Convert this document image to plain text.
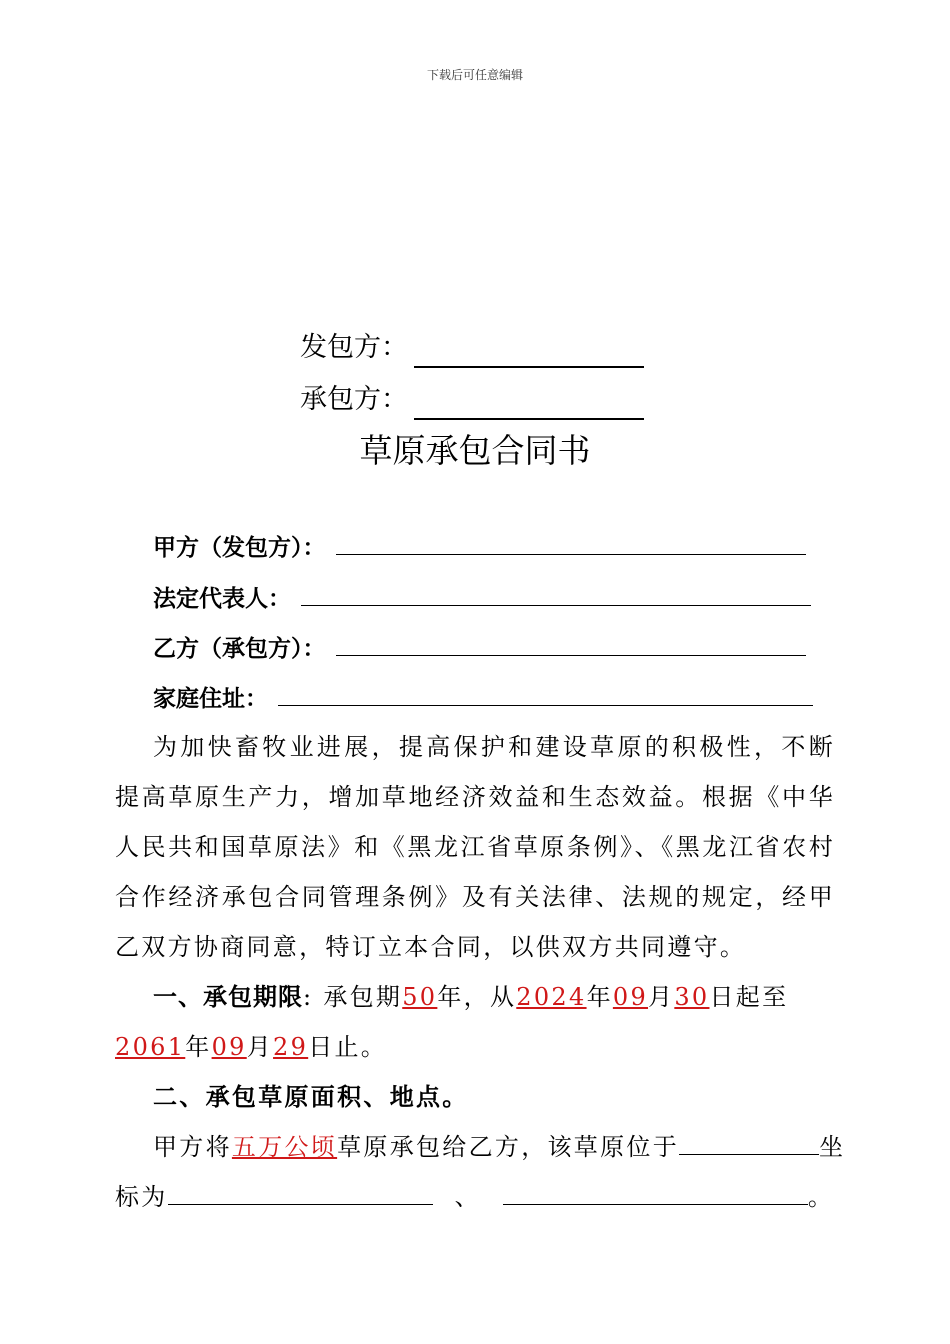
下载后可任意编辑
发包方：
承包方：
草原承包合同书
甲方（发包方）：
法定代表人：
乙方（承包方）：
家庭住址：
为加快畜牧业进展，提高保护和建设草原的积极性，不断提高草原生产力，增加草地经济效益和生态效益。根据《中华人民共和国草原法》和《黑龙江省草原条例》、《黑龙江省农村合作经济承包合同管理条例》及有关法律、法规的规定，经甲乙双方协商同意，特订立本合同，以供双方共同遵守。
一、承包期限: 承包期50年，从2024年09月30日起至
2061年09月29日止。
二、承包草原面积、地点。
甲方将五万公顷草原承包给乙方，该草原位于	坐
标为	、	。
